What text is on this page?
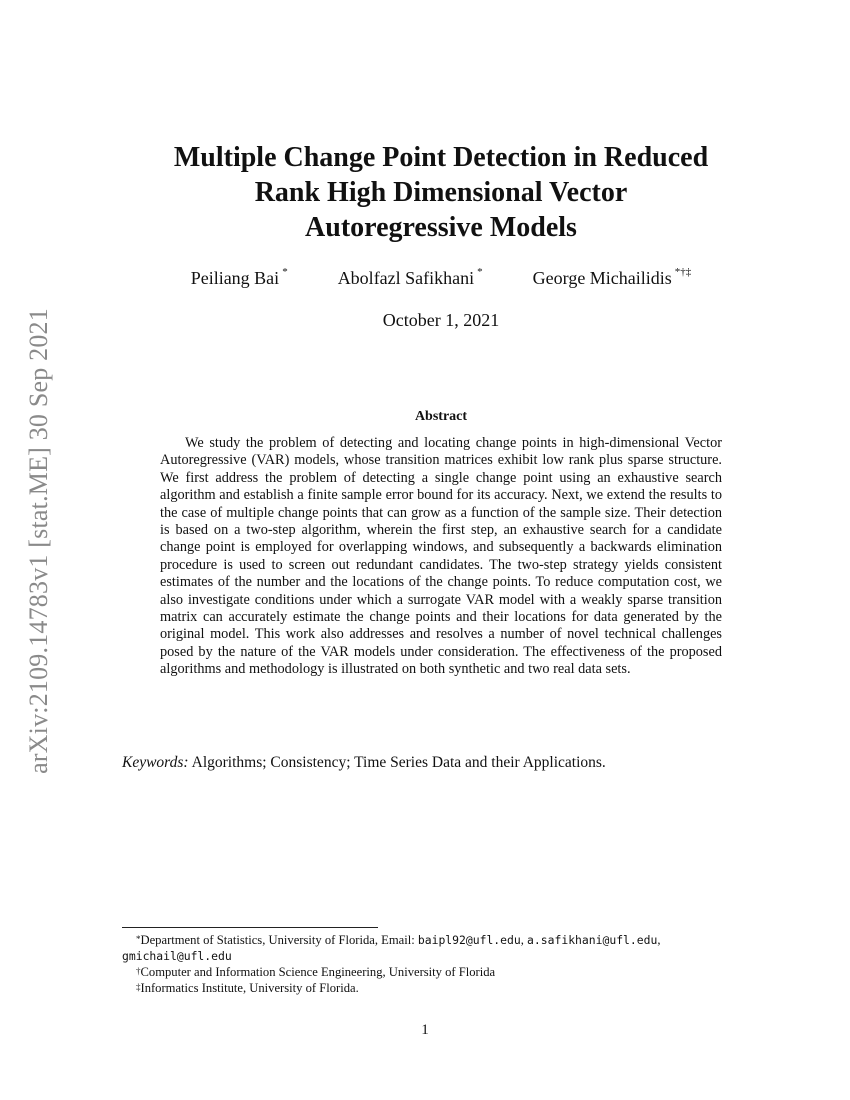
arXiv:2109.14783v1 [stat.ME] 30 Sep 2021
Multiple Change Point Detection in Reduced
Rank High Dimensional Vector
Autoregressive Models
Peiliang Bai *	Abolfazl Safikhani *	George Michailidis *†‡
October 1, 2021
Abstract

We study the problem of detecting and locating change points in high-dimensional Vector Autoregressive (VAR) models, whose transition matrices exhibit low rank plus sparse structure. We first address the problem of detecting a single change point using an exhaustive search algorithm and establish a finite sample error bound for its accuracy. Next, we extend the results to the case of multiple change points that can grow as a function of the sample size. Their detection is based on a two-step algorithm, wherein the first step, an exhaustive search for a candidate change point is employed for overlapping windows, and subsequently a backwards elimination procedure is used to screen out redundant candidates. The two-step strategy yields consistent estimates of the number and the locations of the change points. To reduce computation cost, we also investigate conditions under which a surrogate VAR model with a weakly sparse transition matrix can accurately estimate the change points and their locations for data generated by the original model. This work also addresses and resolves a number of novel technical challenges posed by the nature of the VAR models under consideration. The effectiveness of the proposed algorithms and methodology is illustrated on both synthetic and two real data sets.

Keywords: Algorithms; Consistency; Time Series Data and their Applications.
*Department of Statistics, University of Florida, Email: baipl92@ufl.edu, a.safikhani@ufl.edu,
gmichail@ufl.edu
†Computer and Information Science Engineering, University of Florida
‡Informatics Institute, University of Florida.
1
